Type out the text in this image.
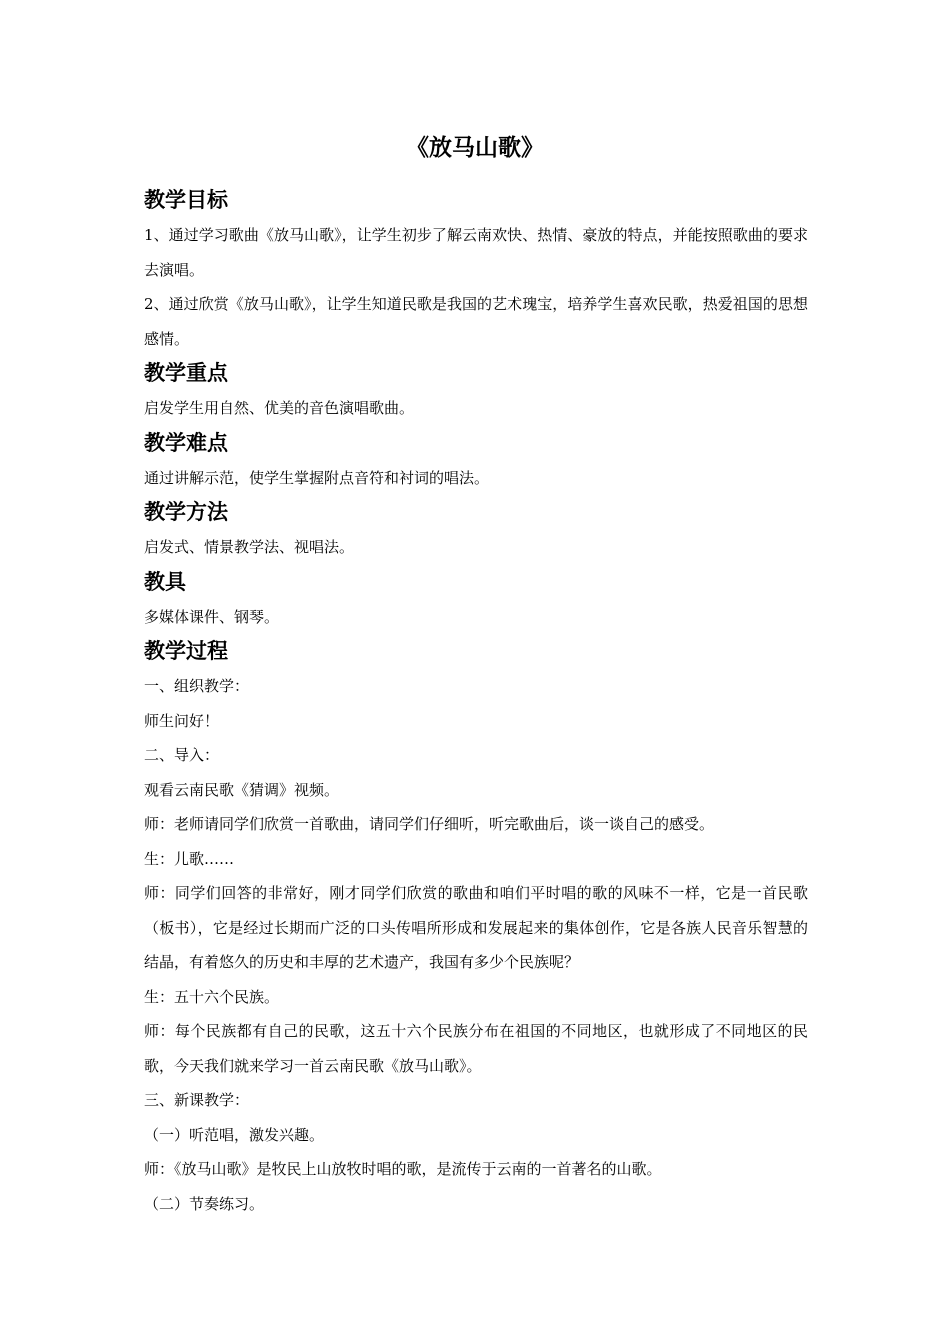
《放马山歌》
教学目标
1、通过学习歌曲《放马山歌》，让学生初步了解云南欢快、热情、豪放的特点，并能按照歌曲的要求去演唱。
2、通过欣赏《放马山歌》，让学生知道民歌是我国的艺术瑰宝，培养学生喜欢民歌，热爱祖国的思想感情。
教学重点
启发学生用自然、优美的音色演唱歌曲。
教学难点
通过讲解示范，使学生掌握附点音符和衬词的唱法。
教学方法
启发式、情景教学法、视唱法。
教具
多媒体课件、钢琴。
教学过程
一、组织教学：
师生问好！
二、导入：
观看云南民歌《猜调》视频。
师：老师请同学们欣赏一首歌曲，请同学们仔细听，听完歌曲后，谈一谈自己的感受。
生：儿歌……
师：同学们回答的非常好，刚才同学们欣赏的歌曲和咱们平时唱的歌的风味不一样，它是一首民歌（板书），它是经过长期而广泛的口头传唱所形成和发展起来的集体创作，它是各族人民音乐智慧的结晶，有着悠久的历史和丰厚的艺术遗产，我国有多少个民族呢？
生：五十六个民族。
师：每个民族都有自己的民歌，这五十六个民族分布在祖国的不同地区，也就形成了不同地区的民歌，今天我们就来学习一首云南民歌《放马山歌》。
三、新课教学：
（一）听范唱，激发兴趣。
师：《放马山歌》是牧民上山放牧时唱的歌，是流传于云南的一首著名的山歌。
（二）节奏练习。
